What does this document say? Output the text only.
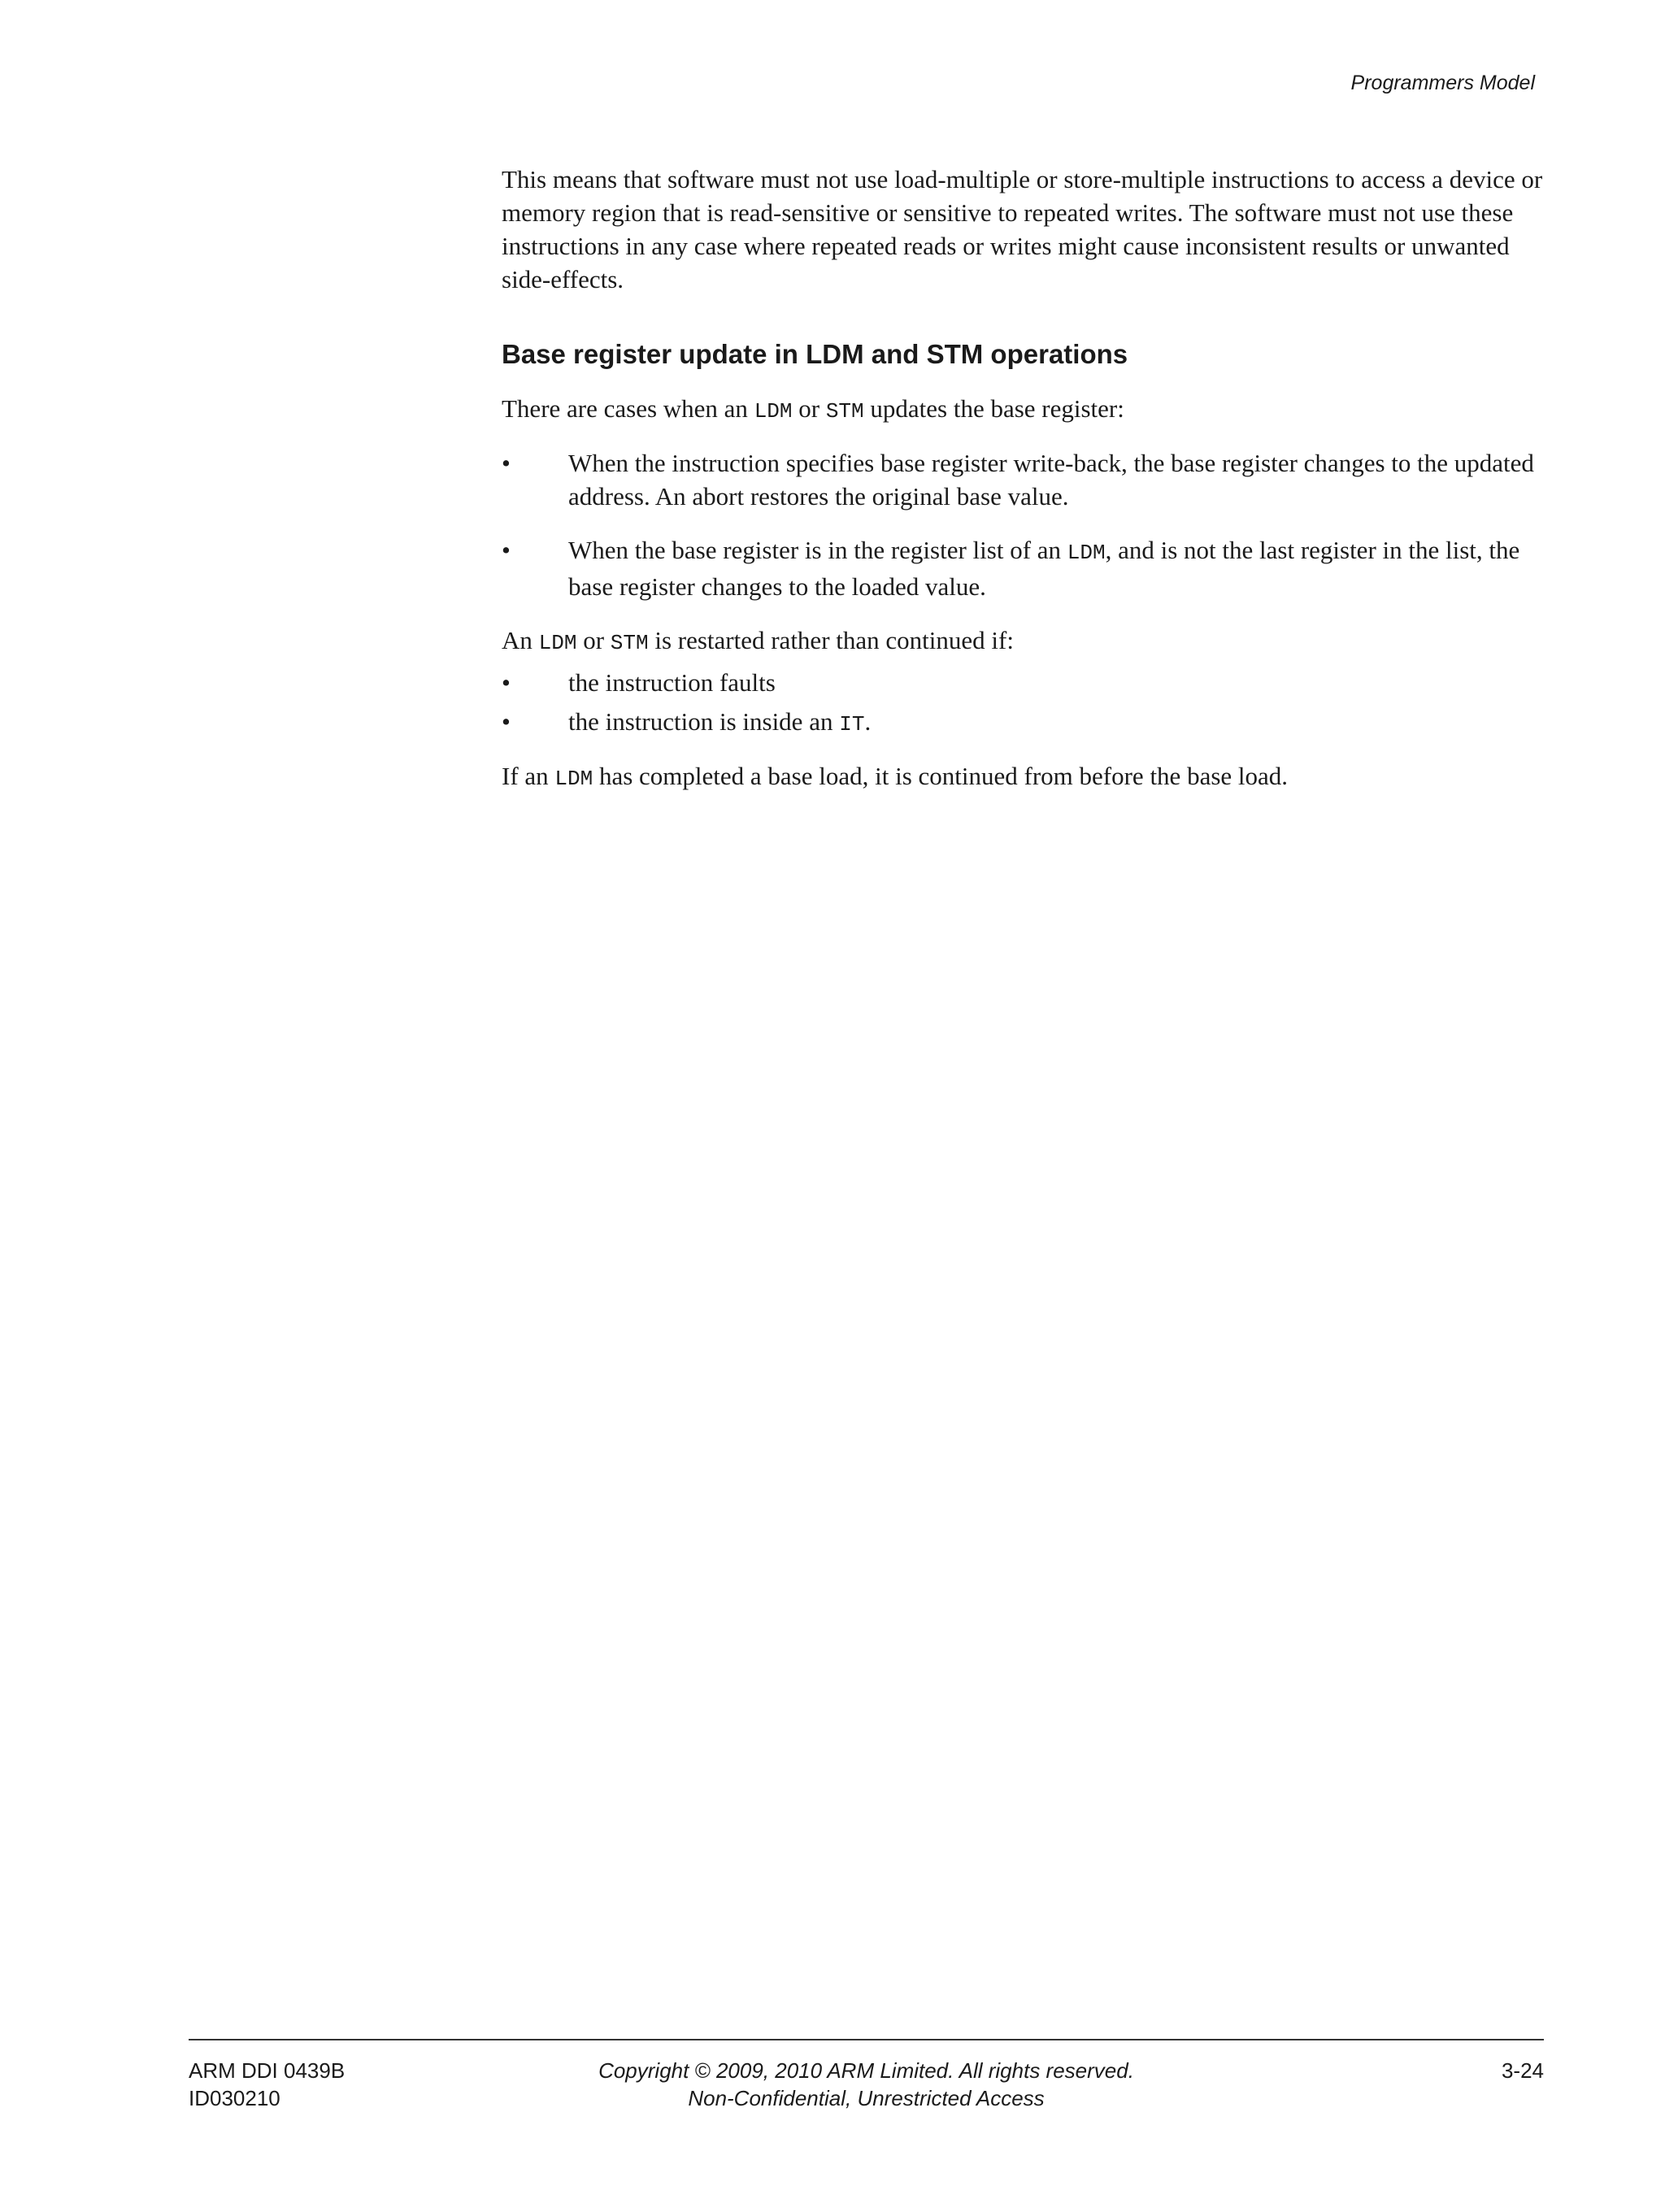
Programmers Model

This means that software must not use load-multiple or store-multiple instructions to access a device or memory region that is read-sensitive or sensitive to repeated writes. The software must not use these instructions in any case where repeated reads or writes might cause inconsistent results or unwanted side-effects.

Base register update in LDM and STM operations

There are cases when an LDM or STM updates the base register:

• When the instruction specifies base register write-back, the base register changes to the updated address. An abort restores the original base value.
• When the base register is in the register list of an LDM, and is not the last register in the list, the base register changes to the loaded value.

An LDM or STM is restarted rather than continued if:

• the instruction faults
• the instruction is inside an IT.

If an LDM has completed a base load, it is continued from before the base load.

ARM DDI 0439B
ID030210
Copyright © 2009, 2010 ARM Limited. All rights reserved.
Non-Confidential, Unrestricted Access
3-24
